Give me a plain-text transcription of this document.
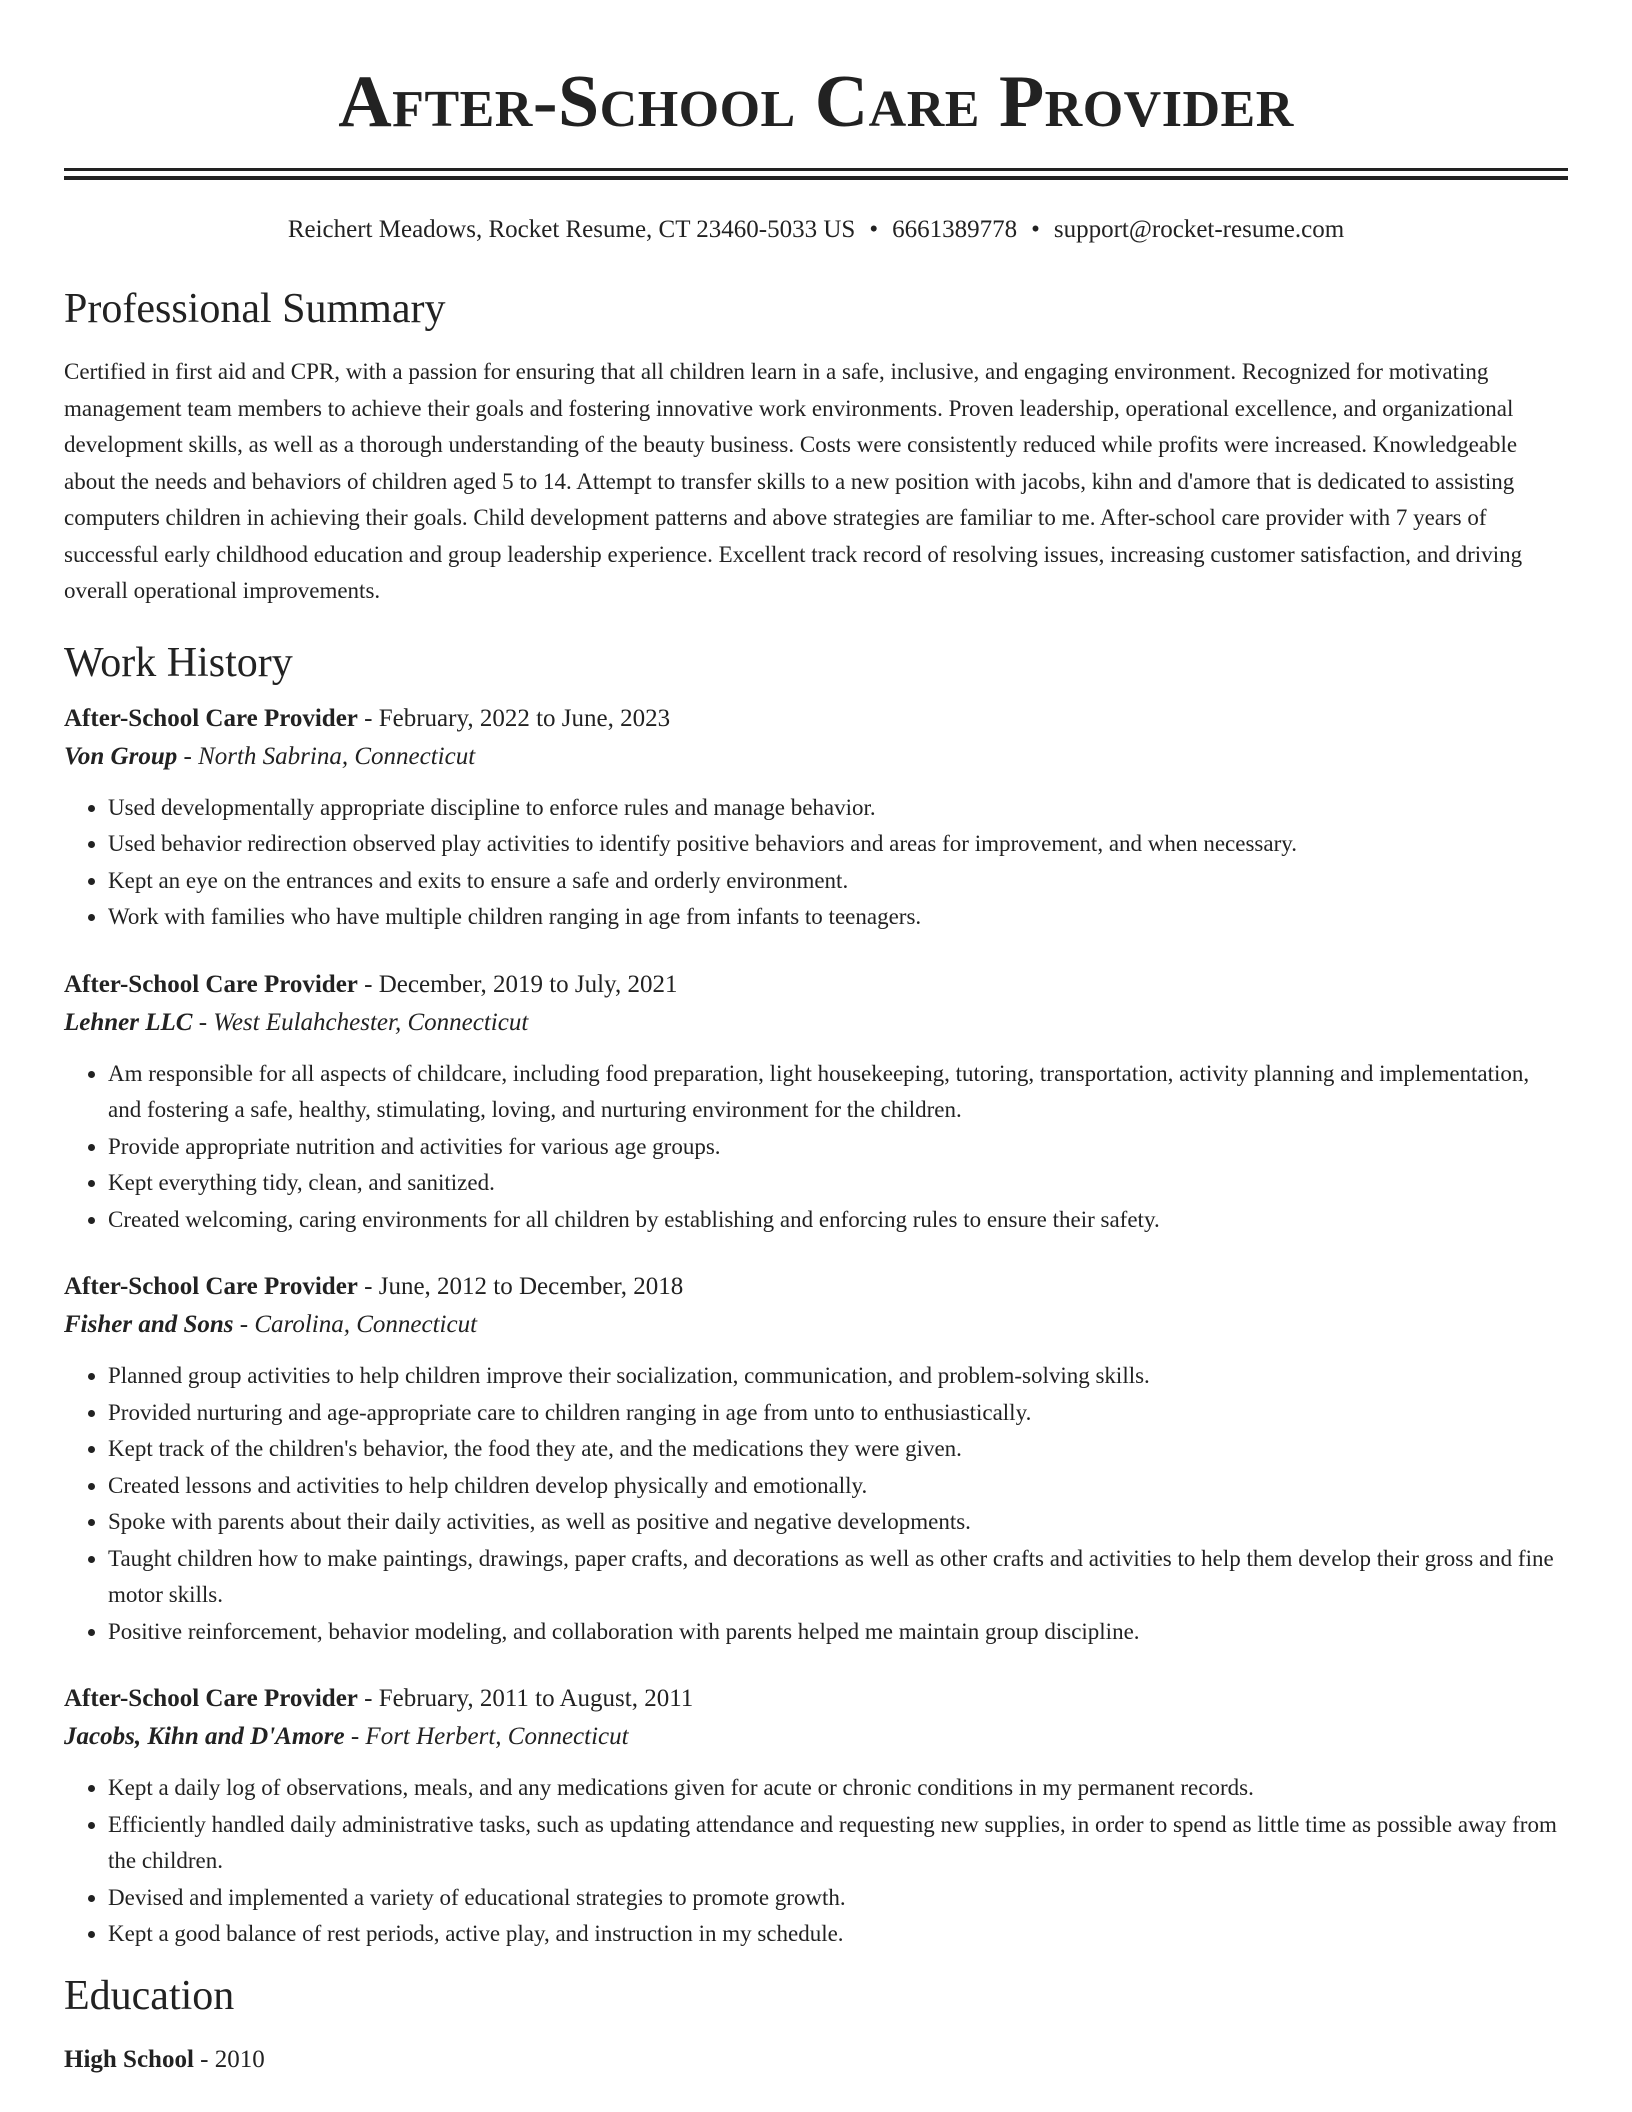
After-School Care Provider
Reichert Meadows, Rocket Resume, CT 23460-5033 US • 6661389778 • support@rocket-resume.com
Professional Summary
Certified in first aid and CPR, with a passion for ensuring that all children learn in a safe, inclusive, and engaging environment. Recognized for motivating management team members to achieve their goals and fostering innovative work environments. Proven leadership, operational excellence, and organizational development skills, as well as a thorough understanding of the beauty business. Costs were consistently reduced while profits were increased. Knowledgeable about the needs and behaviors of children aged 5 to 14. Attempt to transfer skills to a new position with jacobs, kihn and d'amore that is dedicated to assisting computers children in achieving their goals. Child development patterns and above strategies are familiar to me. After-school care provider with 7 years of successful early childhood education and group leadership experience. Excellent track record of resolving issues, increasing customer satisfaction, and driving overall operational improvements.
Work History
After-School Care Provider - February, 2022 to June, 2023
Von Group - North Sabrina, Connecticut
• Used developmentally appropriate discipline to enforce rules and manage behavior.
• Used behavior redirection observed play activities to identify positive behaviors and areas for improvement, and when necessary.
• Kept an eye on the entrances and exits to ensure a safe and orderly environment.
• Work with families who have multiple children ranging in age from infants to teenagers.
After-School Care Provider - December, 2019 to July, 2021
Lehner LLC - West Eulahchester, Connecticut
• Am responsible for all aspects of childcare, including food preparation, light housekeeping, tutoring, transportation, activity planning and implementation, and fostering a safe, healthy, stimulating, loving, and nurturing environment for the children.
• Provide appropriate nutrition and activities for various age groups.
• Kept everything tidy, clean, and sanitized.
• Created welcoming, caring environments for all children by establishing and enforcing rules to ensure their safety.
After-School Care Provider - June, 2012 to December, 2018
Fisher and Sons - Carolina, Connecticut
• Planned group activities to help children improve their socialization, communication, and problem-solving skills.
• Provided nurturing and age-appropriate care to children ranging in age from unto to enthusiastically.
• Kept track of the children's behavior, the food they ate, and the medications they were given.
• Created lessons and activities to help children develop physically and emotionally.
• Spoke with parents about their daily activities, as well as positive and negative developments.
• Taught children how to make paintings, drawings, paper crafts, and decorations as well as other crafts and activities to help them develop their gross and fine motor skills.
• Positive reinforcement, behavior modeling, and collaboration with parents helped me maintain group discipline.
After-School Care Provider - February, 2011 to August, 2011
Jacobs, Kihn and D'Amore - Fort Herbert, Connecticut
• Kept a daily log of observations, meals, and any medications given for acute or chronic conditions in my permanent records.
• Efficiently handled daily administrative tasks, such as updating attendance and requesting new supplies, in order to spend as little time as possible away from the children.
• Devised and implemented a variety of educational strategies to promote growth.
• Kept a good balance of rest periods, active play, and instruction in my schedule.
Education
High School - 2010
